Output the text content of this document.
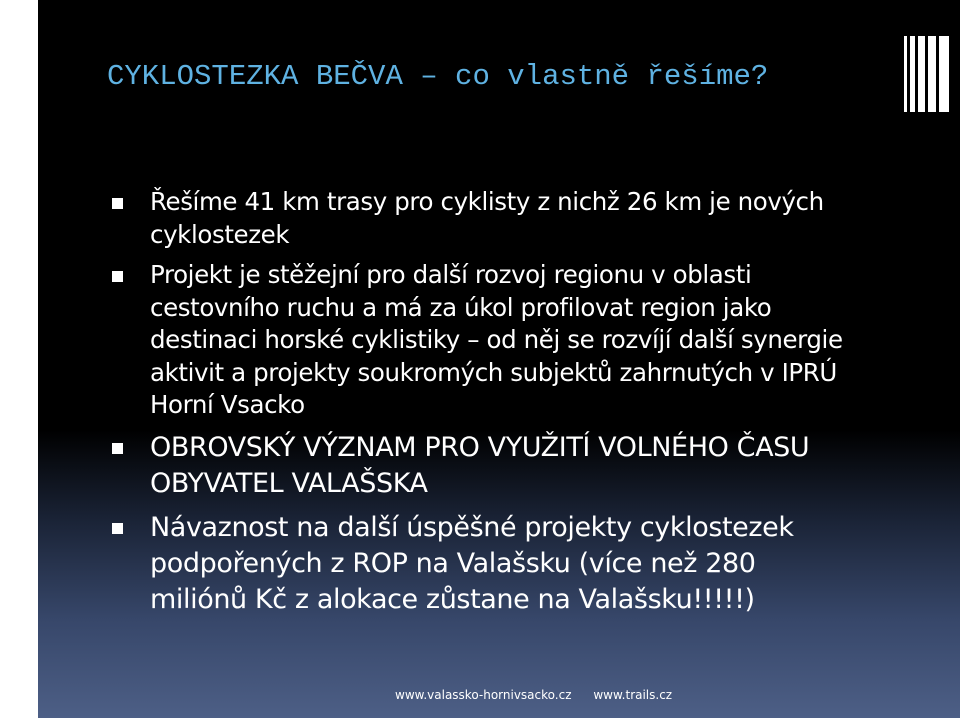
CYKLOSTEZKA BEČVA – co vlastně řešíme?
Řešíme 41 km trasy pro cyklisty z nichž 26 km je nových cyklostezek
Projekt je stěžejní pro další rozvoj regionu v oblasti cestovního ruchu a má za úkol profilovat region jako destinaci horské cyklistiky – od něj se rozvíjí další synergie aktivit a projekty soukromých subjektů zahrnutých v IPRÚ Horní Vsacko
OBROVSKÝ VÝZNAM PRO VYUŽITÍ VOLNÉHO ČASU OBYVATEL VALAŠSKA
Návaznost na další úspěšné projekty cyklostezek podpořených z ROP na Valašsku (více než 280 miliónů Kč z alokace zůstane na Valašsku!!!!!)
www.valassko-hornivsacko.cz www.trails.cz
